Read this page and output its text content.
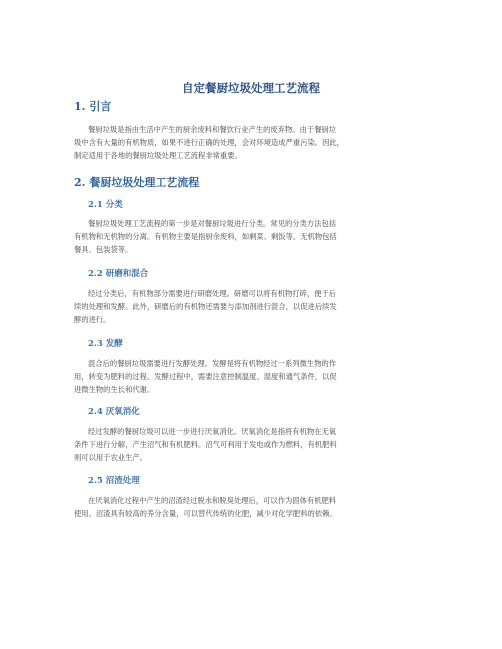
自定餐厨垃圾处理工艺流程
1. 引言
餐厨垃圾是指由生活中产生的厨余废料和餐饮行业产生的废弃物。由于餐厨垃
圾中含有大量的有机物质，如果不进行正确的处理，会对环境造成严重污染。因此，
制定适用于各地的餐厨垃圾处理工艺流程非常重要。
2. 餐厨垃圾处理工艺流程
2.1 分类
餐厨垃圾处理工艺流程的第一步是对餐厨垃圾进行分类。常见的分类方法包括
有机物和无机物的分离。有机物主要是指厨余废料，如剩菜、剩饭等。无机物包括
餐具、包装袋等。
2.2 研磨和混合
经过分类后，有机物部分需要进行研磨处理。研磨可以将有机物打碎，便于后
续的处理和发酵。此外，研磨后的有机物还需要与添加剂进行混合，以促进后续发
酵的进行。
2.3 发酵
混合后的餐厨垃圾需要进行发酵处理。发酵是将有机物经过一系列微生物的作
用，转变为肥料的过程。发酵过程中，需要注意控制温度、湿度和通气条件，以促
进微生物的生长和代谢。
2.4 厌氧消化
经过发酵的餐厨垃圾可以进一步进行厌氧消化。厌氧消化是指将有机物在无氧
条件下进行分解，产生沼气和有机肥料。沼气可利用于发电或作为燃料，有机肥料
则可以用于农业生产。
2.5 沼渣处理
在厌氧消化过程中产生的沼渣经过脱水和脱臭处理后，可以作为固体有机肥料
使用。沼渣具有较高的养分含量，可以替代传统的化肥，减少对化学肥料的依赖。
